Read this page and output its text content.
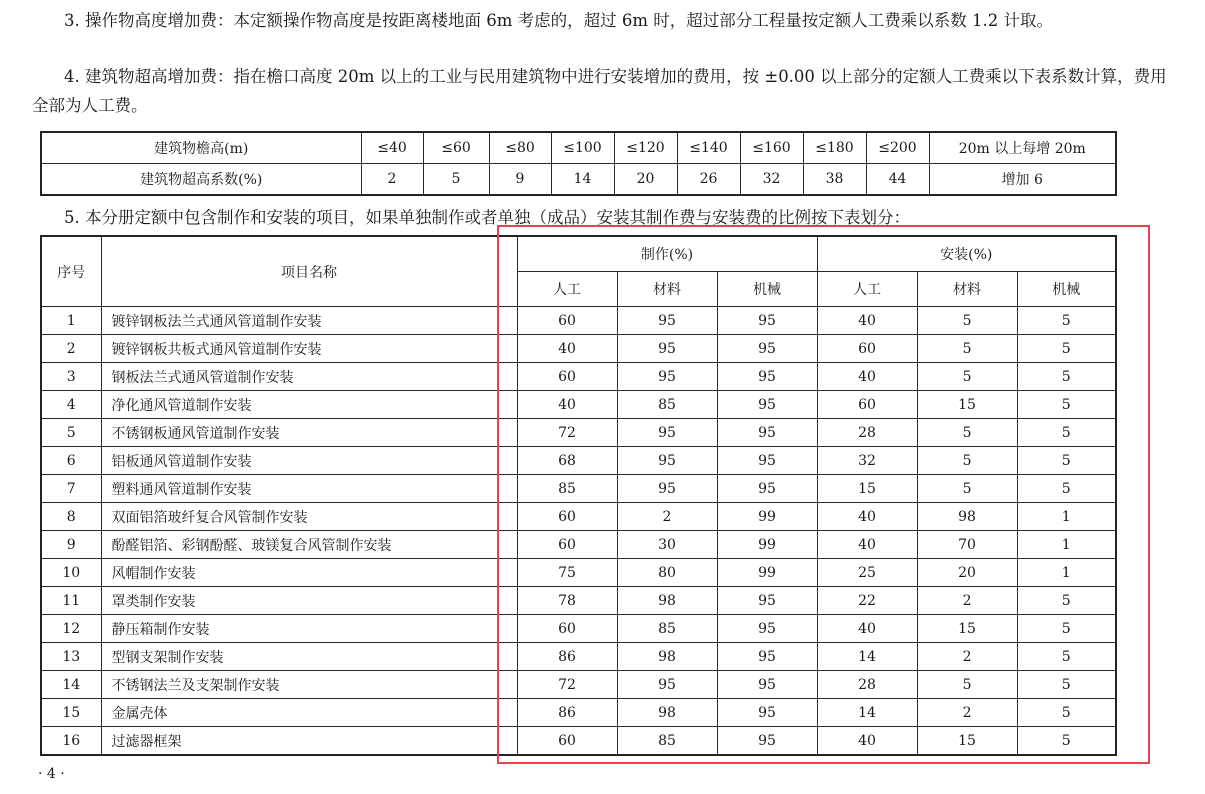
3. 操作物高度增加费：本定额操作物高度是按距离楼地面 6m 考虑的，超过 6m 时，超过部分工程量按定额人工费乘以系数 1.2 计取。

4. 建筑物超高增加费：指在檐口高度 20m 以上的工业与民用建筑物中进行安装增加的费用，按 ±0.00 以上部分的定额人工费乘以下表系数计算，费用全部为人工费。

建筑物檐高(m)	≤40	≤60	≤80	≤100	≤120	≤140	≤160	≤180	≤200	20m 以上每增 20m
建筑物超高系数(%)	2	5	9	14	20	26	32	38	44	增加 6

5. 本分册定额中包含制作和安装的项目，如果单独制作或者单独（成品）安装其制作费与安装费的比例按下表划分：

序号	项目名称	制作(%)			安装(%)		
		人工	材料	机械	人工	材料	机械
1	镀锌钢板法兰式通风管道制作安装	60	95	95	40	5	5
2	镀锌钢板共板式通风管道制作安装	40	95	95	60	5	5
3	钢板法兰式通风管道制作安装	60	95	95	40	5	5
4	净化通风管道制作安装	40	85	95	60	15	5
5	不锈钢板通风管道制作安装	72	95	95	28	5	5
6	铝板通风管道制作安装	68	95	95	32	5	5
7	塑料通风管道制作安装	85	95	95	15	5	5
8	双面铝箔玻纤复合风管制作安装	60	2	99	40	98	1
9	酚醛铝箔、彩钢酚醛、玻镁复合风管制作安装	60	30	99	40	70	1
10	风帽制作安装	75	80	99	25	20	1
11	罩类制作安装	78	98	95	22	2	5
12	静压箱制作安装	60	85	95	40	15	5
13	型钢支架制作安装	86	98	95	14	2	5
14	不锈钢法兰及支架制作安装	72	95	95	28	5	5
15	金属壳体	86	98	95	14	2	5
16	过滤器框架	60	85	95	40	15	5
· 4 ·
